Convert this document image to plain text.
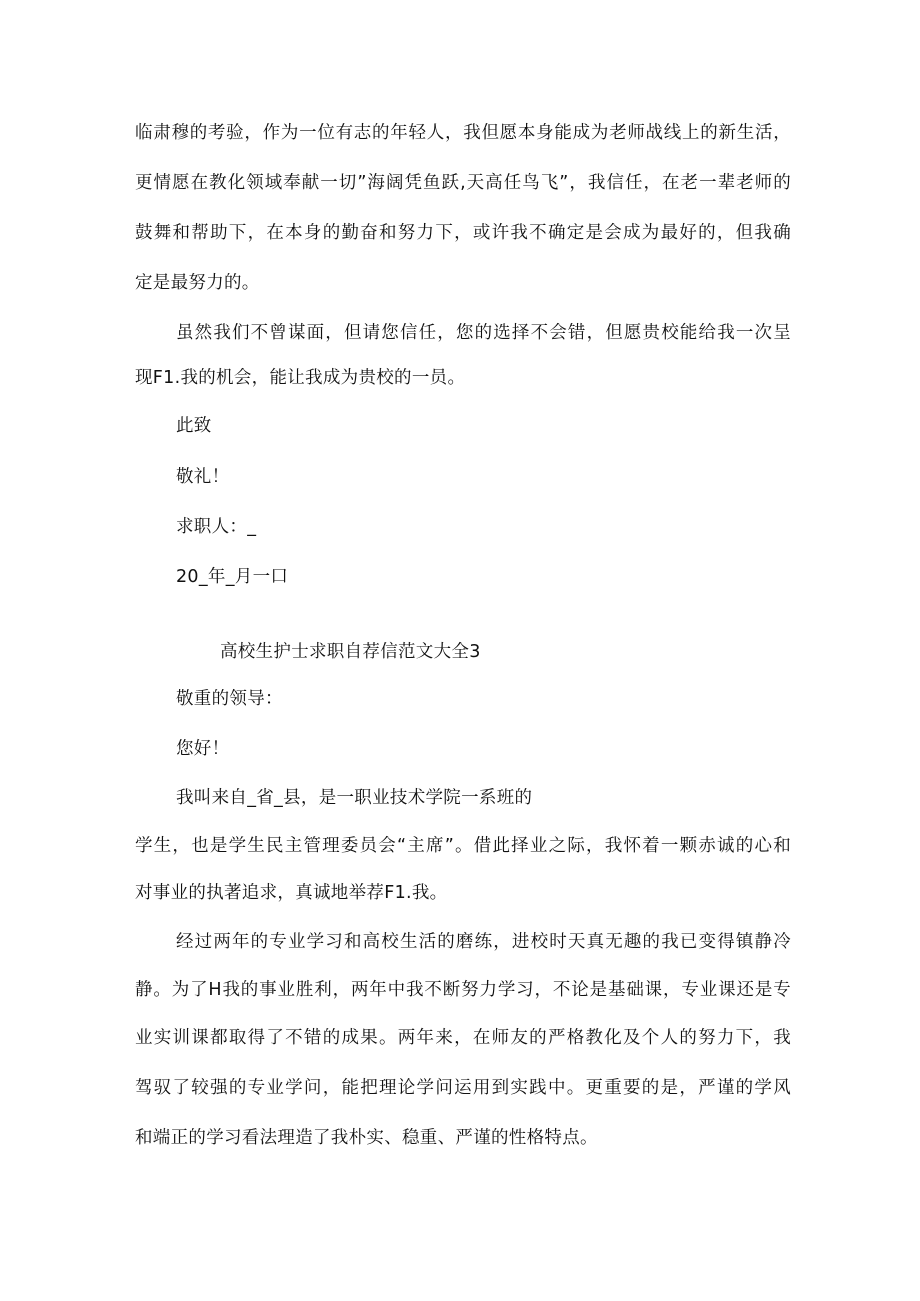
临肃穆的考验，作为一位有志的年轻人，我但愿本身能成为老师战线上的新生活，
更情愿在教化领域奉献一切”海阔凭鱼跃,天高任鸟飞”，我信任，在老一辈老师的
鼓舞和帮助下，在本身的勤奋和努力下，或许我不确定是会成为最好的，但我确
定是最努力的。
虽然我们不曾谋面，但请您信任，您的选择不会错，但愿贵校能给我一次呈
现F1.我的机会，能让我成为贵校的一员。
此致
敬礼！
求职人：_
20_年_月一口
高校生护士求职自荐信范文大全3
敬重的领导：
您好！
我叫来自_省_县，是一职业技术学院一系班的
学生，也是学生民主管理委员会“主席”。借此择业之际，我怀着一颗赤诚的心和
对事业的执著追求，真诚地举荐F1.我。
经过两年的专业学习和高校生活的磨练，进校时天真无趣的我已变得镇静冷
静。为了H我的事业胜利，两年中我不断努力学习，不论是基础课，专业课还是专
业实训课都取得了不错的成果。两年来，在师友的严格教化及个人的努力下，我
驾驭了较强的专业学问，能把理论学问运用到实践中。更重要的是，严谨的学风
和端正的学习看法理造了我朴实、稳重、严谨的性格特点。
